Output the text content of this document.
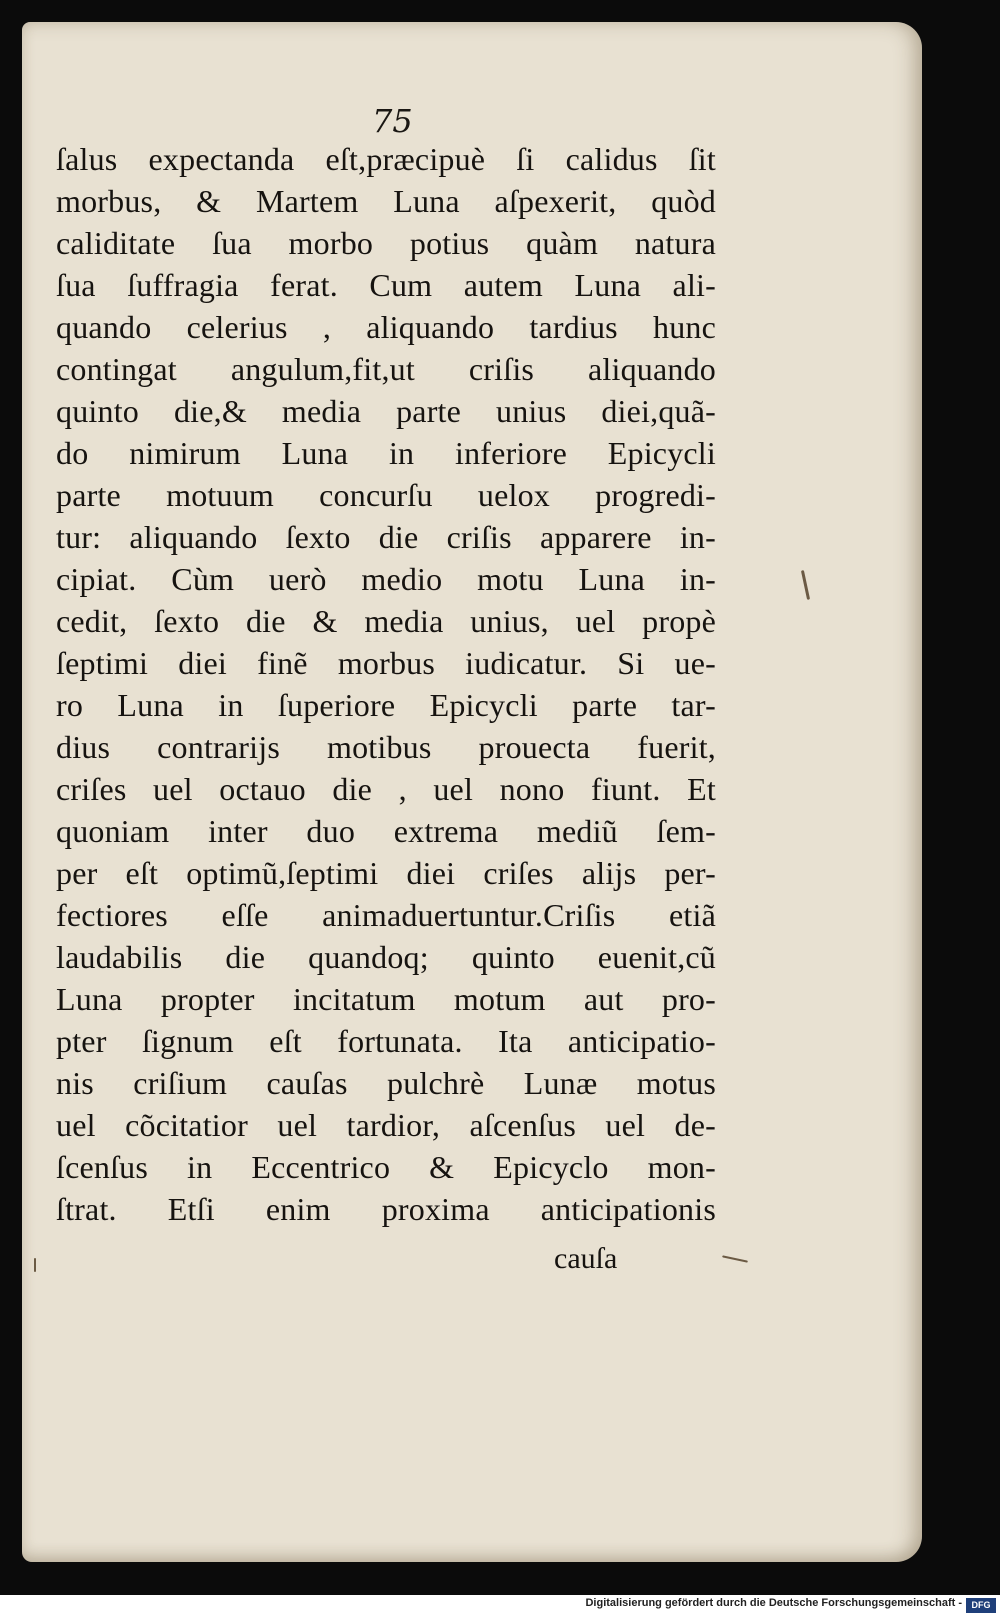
75
ſalus expectanda eſt,præcipuè ſi calidus ſit
morbus, & Martem Luna aſpexerit, quòd
caliditate ſua morbo potius quàm natura
ſua ſuffragia ferat. Cum autem Luna ali-
quando celerius , aliquando tardius hunc
contingat angulum,fit,ut criſis aliquando
quinto die,& media parte unius diei,quã-
do nimirum Luna in inferiore Epicycli
parte motuum concurſu uelox progredi-
tur: aliquando ſexto die criſis apparere in-
cipiat. Cùm uerò medio motu Luna in-
cedit, ſexto die & media unius, uel propè
ſeptimi diei finẽ morbus iudicatur. Si ue-
ro Luna in ſuperiore Epicycli parte tar-
dius contrarijs motibus prouecta fuerit,
criſes uel octauo die , uel nono fiunt. Et
quoniam inter duo extrema mediũ ſem-
per eſt optimũ,ſeptimi diei criſes alijs per-
fectiores eſſe animaduertuntur.Criſis etiã
laudabilis die quandoq; quinto euenit,cũ
Luna propter incitatum motum aut pro-
pter ſignum eſt fortunata. Ita anticipatio-
nis criſium cauſas pulchrè Lunæ motus
uel cõcitatior uel tardior, aſcenſus uel de-
ſcenſus in Eccentrico & Epicyclo mon-
ſtrat. Etſi enim proxima anticipationis
cauſa
Digitalisierung gefördert durch die Deutsche Forschungsgemeinschaft -	DFG
